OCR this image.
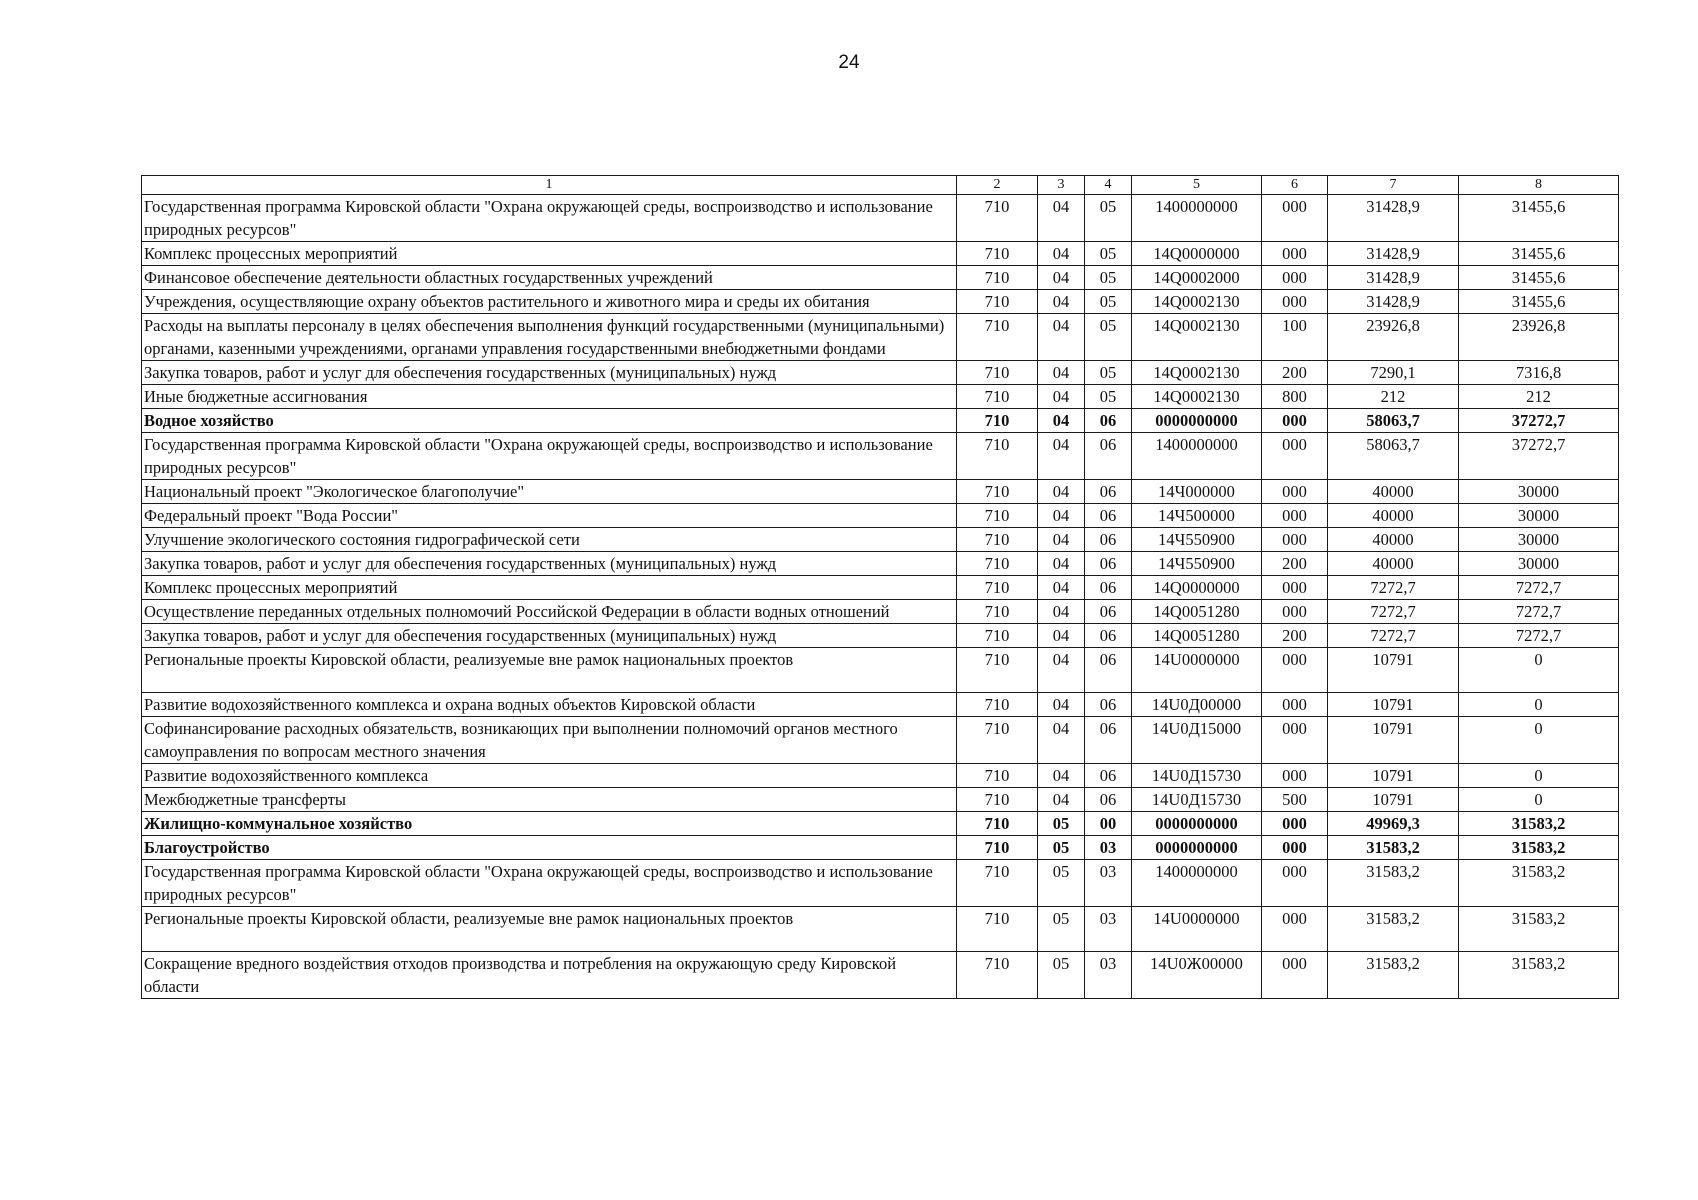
24
1	2	3	4	5	6	7	8
Государственная программа Кировской области "Охрана окружающей среды, воспроизводство и использование природных ресурсов"	710	04	05	1400000000	000	31428,9	31455,6
Комплекс процессных мероприятий	710	04	05	14Q0000000	000	31428,9	31455,6
Финансовое обеспечение деятельности областных государственных учреждений	710	04	05	14Q0002000	000	31428,9	31455,6
Учреждения, осуществляющие охрану объектов растительного и животного мира и среды их обитания	710	04	05	14Q0002130	000	31428,9	31455,6
Расходы на выплаты персоналу в целях обеспечения выполнения функций государственными (муниципальными) органами, казенными учреждениями, органами управления государственными внебюджетными фондами	710	04	05	14Q0002130	100	23926,8	23926,8
Закупка товаров, работ и услуг для обеспечения государственных (муниципальных) нужд	710	04	05	14Q0002130	200	7290,1	7316,8
Иные бюджетные ассигнования	710	04	05	14Q0002130	800	212	212
Водное хозяйство	710	04	06	0000000000	000	58063,7	37272,7
Государственная программа Кировской области "Охрана окружающей среды, воспроизводство и использование природных ресурсов"	710	04	06	1400000000	000	58063,7	37272,7
Национальный проект "Экологическое благополучие"	710	04	06	14Ч000000	000	40000	30000
Федеральный проект "Вода России"	710	04	06	14Ч500000	000	40000	30000
Улучшение экологического состояния гидрографической сети	710	04	06	14Ч550900	000	40000	30000
Закупка товаров, работ и услуг для обеспечения государственных (муниципальных) нужд	710	04	06	14Ч550900	200	40000	30000
Комплекс процессных мероприятий	710	04	06	14Q0000000	000	7272,7	7272,7
Осуществление переданных отдельных полномочий Российской Федерации в области водных отношений	710	04	06	14Q0051280	000	7272,7	7272,7
Закупка товаров, работ и услуг для обеспечения государственных (муниципальных) нужд	710	04	06	14Q0051280	200	7272,7	7272,7
Региональные проекты Кировской области, реализуемые вне рамок национальных проектов	710	04	06	14U0000000	000	10791	0
Развитие водохозяйственного комплекса и охрана водных объектов Кировской области	710	04	06	14U0Д00000	000	10791	0
Софинансирование расходных обязательств, возникающих при выполнении полномочий органов местного самоуправления по вопросам местного значения	710	04	06	14U0Д15000	000	10791	0
Развитие водохозяйственного комплекса	710	04	06	14U0Д15730	000	10791	0
Межбюджетные трансферты	710	04	06	14U0Д15730	500	10791	0
Жилищно-коммунальное хозяйство	710	05	00	0000000000	000	49969,3	31583,2
Благоустройство	710	05	03	0000000000	000	31583,2	31583,2
Государственная программа Кировской области "Охрана окружающей среды, воспроизводство и использование природных ресурсов"	710	05	03	1400000000	000	31583,2	31583,2
Региональные проекты Кировской области, реализуемые вне рамок национальных проектов	710	05	03	14U0000000	000	31583,2	31583,2
Сокращение вредного воздействия отходов производства и потребления на окружающую среду Кировской области	710	05	03	14U0Ж00000	000	31583,2	31583,2
